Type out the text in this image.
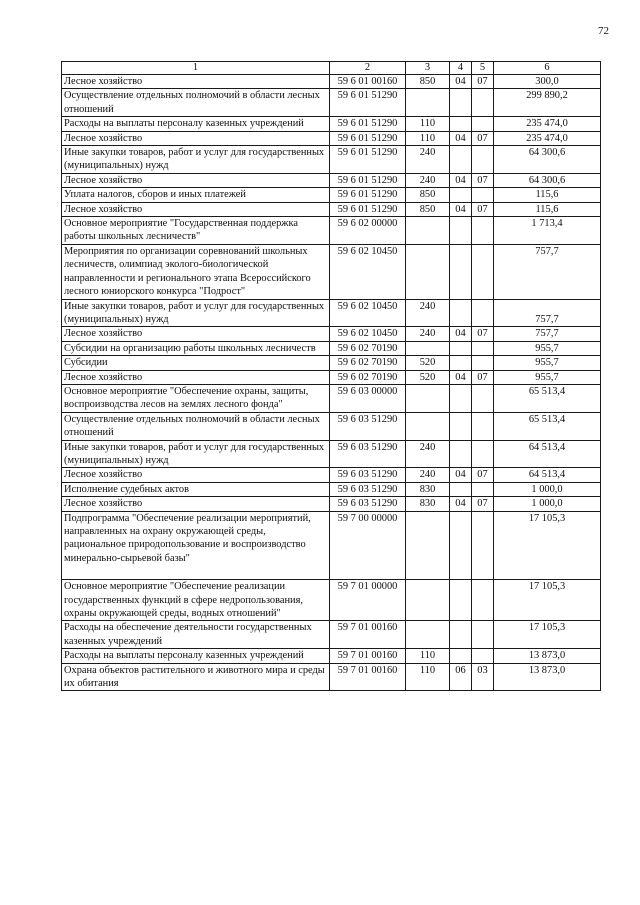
72
1	2	3	4	5	6
Лесное хозяйство	59 6 01 00160	850	04	07	300,0
Осуществление отдельных полномочий в области лесных отношений	59 6 01 51290				299 890,2
Расходы на выплаты персоналу казенных учреждений	59 6 01 51290	110			235 474,0
Лесное хозяйство	59 6 01 51290	110	04	07	235 474,0
Иные закупки товаров, работ и услуг для государственных (муниципальных) нужд	59 6 01 51290	240			64 300,6
Лесное хозяйство	59 6 01 51290	240	04	07	64 300,6
Уплата налогов, сборов и иных платежей	59 6 01 51290	850			115,6
Лесное хозяйство	59 6 01 51290	850	04	07	115,6
Основное мероприятие "Государственная поддержка работы школьных лесничеств"	59 6 02 00000				1 713,4
Мероприятия по организации соревнований школьных лесничеств, олимпиад эколого-биологической направленности и регионального этапа Всероссийского лесного юниорского конкурса "Подрост"	59 6 02 10450				757,7
Иные закупки товаров, работ и услуг для государственных (муниципальных) нужд	59 6 02 10450	240			757,7
Лесное хозяйство	59 6 02 10450	240	04	07	757,7
Субсидии на организацию работы школьных лесничеств	59 6 02 70190				955,7
Субсидии	59 6 02 70190	520			955,7
Лесное хозяйство	59 6 02 70190	520	04	07	955,7
Основное мероприятие "Обеспечение охраны, защиты, воспроизводства лесов на землях лесного фонда"	59 6 03 00000				65 513,4
Осуществление отдельных полномочий в области лесных отношений	59 6 03 51290				65 513,4
Иные закупки товаров, работ и услуг для государственных (муниципальных) нужд	59 6 03 51290	240			64 513,4
Лесное хозяйство	59 6 03 51290	240	04	07	64 513,4
Исполнение судебных актов	59 6 03 51290	830			1 000,0
Лесное хозяйство	59 6 03 51290	830	04	07	1 000,0
Подпрограмма "Обеспечение реализации мероприятий, направленных на охрану окружающей среды, рациональное природопользование и воспроизводство минерально-сырьевой базы"	59 7 00 00000				17 105,3
Основное мероприятие "Обеспечение реализации государственных функций в сфере недропользования, охраны окружающей среды, водных отношений"	59 7 01 00000				17 105,3
Расходы на обеспечение деятельности государственных казенных учреждений	59 7 01 00160				17 105,3
Расходы на выплаты персоналу казенных учреждений	59 7 01 00160	110			13 873,0
Охрана объектов растительного и животного мира и среды их обитания	59 7 01 00160	110	06	03	13 873,0
